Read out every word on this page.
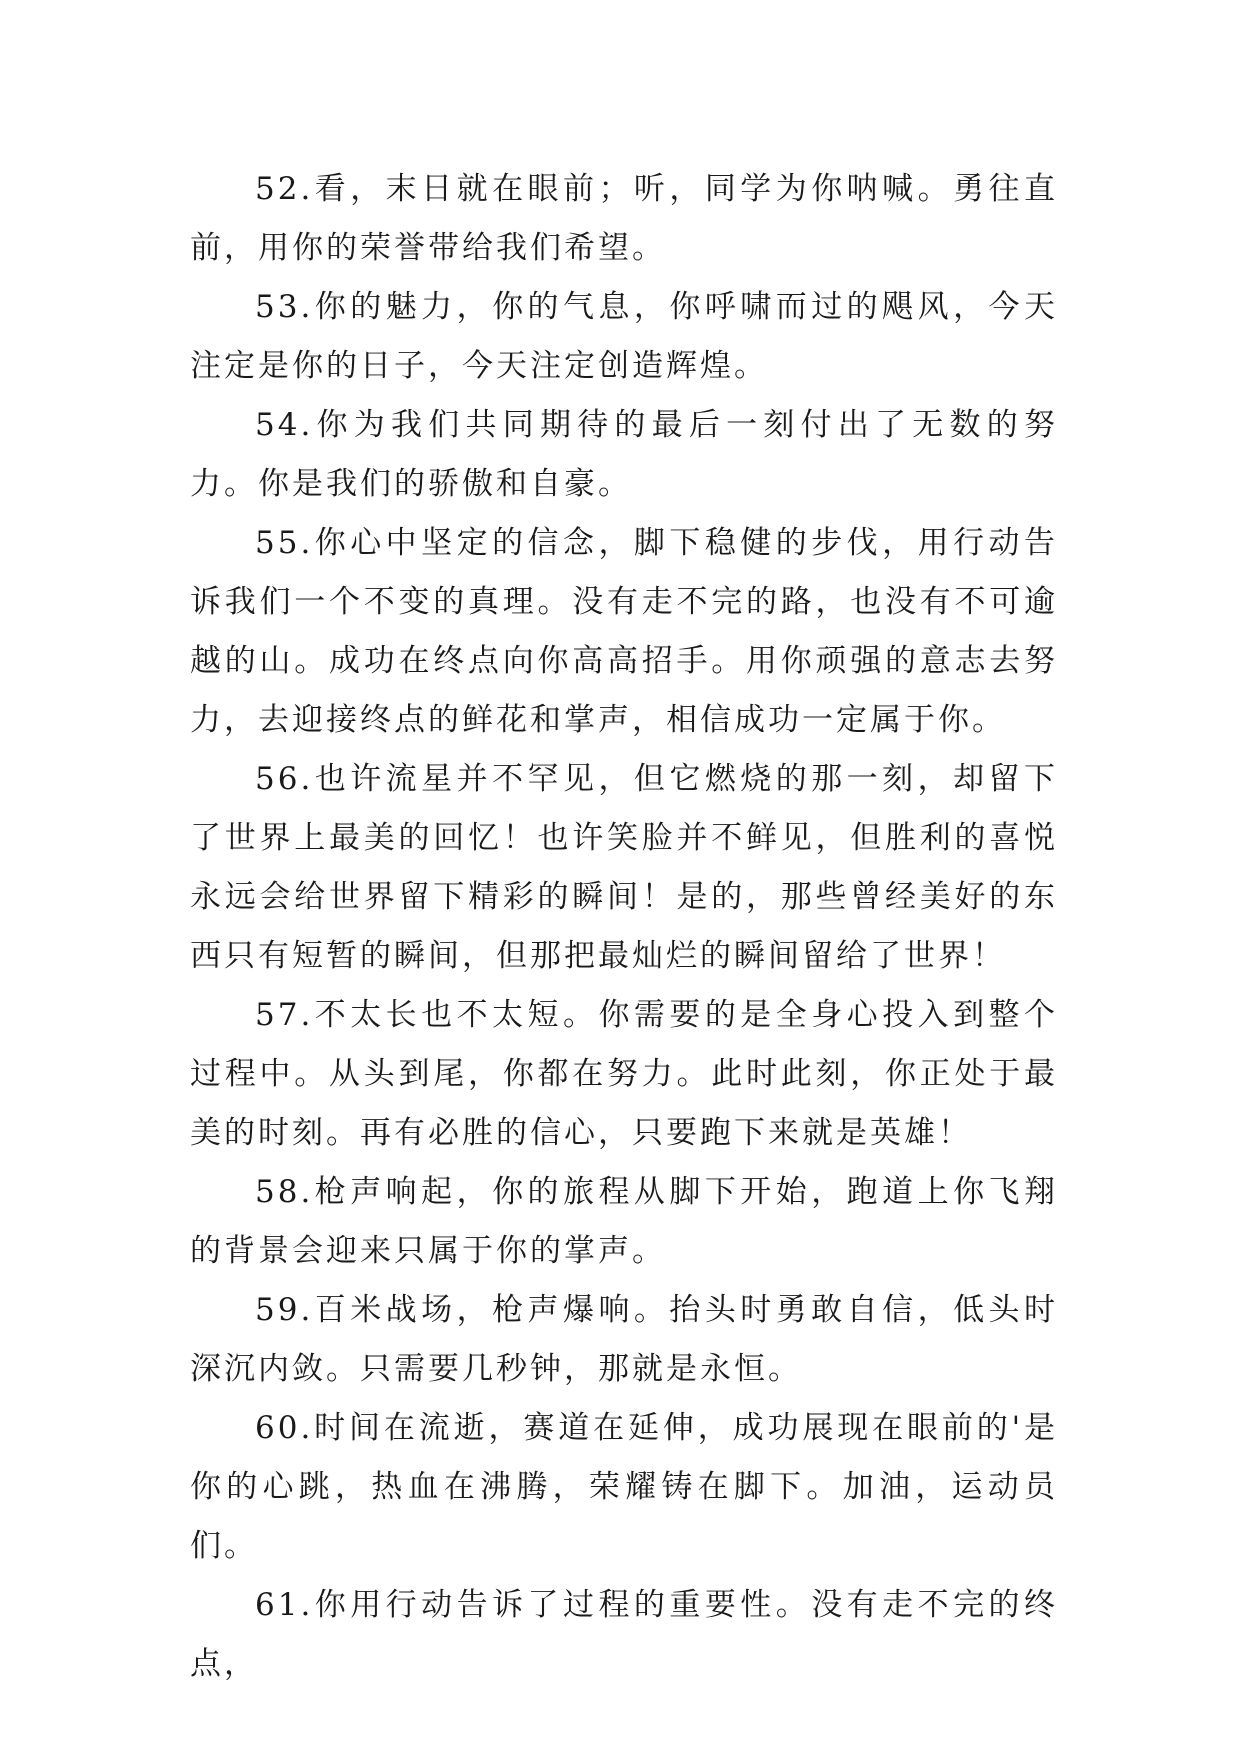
52.看，末日就在眼前；听，同学为你呐喊。勇往直前，用你的荣誉带给我们希望。

53.你的魅力，你的气息，你呼啸而过的飓风，今天注定是你的日子，今天注定创造辉煌。

54.你为我们共同期待的最后一刻付出了无数的努力。你是我们的骄傲和自豪。

55.你心中坚定的信念，脚下稳健的步伐，用行动告诉我们一个不变的真理。没有走不完的路，也没有不可逾越的山。成功在终点向你高高招手。用你顽强的意志去努力，去迎接终点的鲜花和掌声，相信成功一定属于你。

56.也许流星并不罕见，但它燃烧的那一刻，却留下了世界上最美的回忆！也许笑脸并不鲜见，但胜利的喜悦永远会给世界留下精彩的瞬间！是的，那些曾经美好的东西只有短暂的瞬间，但那把最灿烂的瞬间留给了世界！

57.不太长也不太短。你需要的是全身心投入到整个过程中。从头到尾，你都在努力。此时此刻，你正处于最美的时刻。再有必胜的信心，只要跑下来就是英雄！

58.枪声响起，你的旅程从脚下开始，跑道上你飞翔的背景会迎来只属于你的掌声。

59.百米战场，枪声爆响。抬头时勇敢自信，低头时深沉内敛。只需要几秒钟，那就是永恒。

60.时间在流逝，赛道在延伸，成功展现在眼前的'是你的心跳，热血在沸腾，荣耀铸在脚下。加油，运动员们。

61.你用行动告诉了过程的重要性。没有走不完的终点，
